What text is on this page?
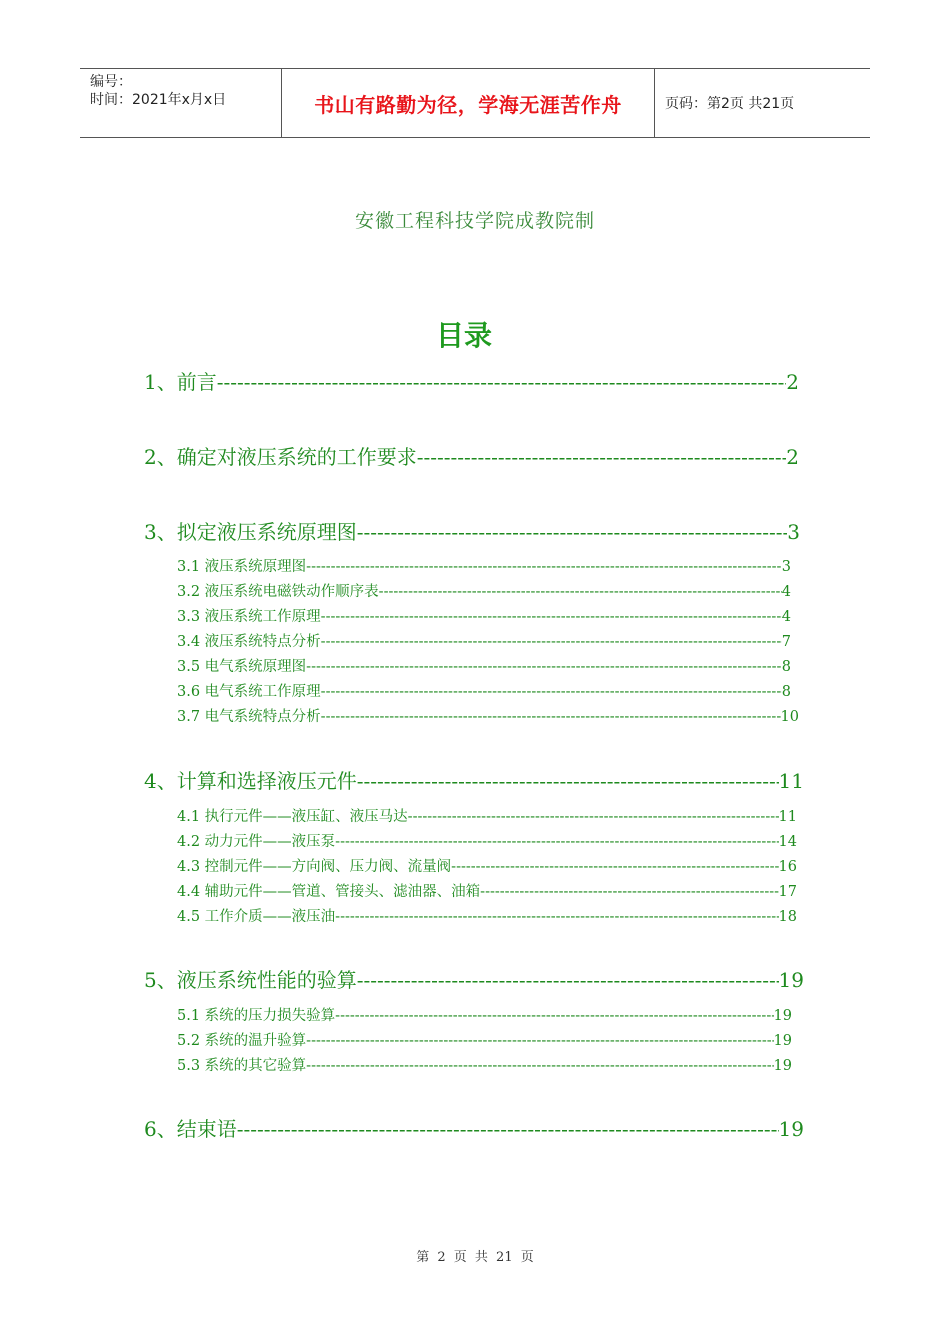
编号：
时间：2021年x月x日	书山有路勤为径，学海无涯苦作舟	页码：第2页 共21页
安徽工程科技学院成教院制
目录
1、前言 -----	2
2、确定对液压系统的工作要求 -----	2
3、拟定液压系统原理图 -----	3
3.1 液压系统原理图 -----	3
3.2 液压系统电磁铁动作顺序表 -----	4
3.3 液压系统工作原理 -----	4
3.4 液压系统特点分析 -----	7
3.5 电气系统原理图 -----	8
3.6 电气系统工作原理 -----	8
3.7 电气系统特点分析 -----	10
4、计算和选择液压元件 -----	11
4.1 执行元件——液压缸、液压马达 -----	11
4.2 动力元件——液压泵 -----	14
4.3 控制元件——方向阀、压力阀、流量阀 -----	16
4.4 辅助元件——管道、管接头、滤油器、油箱 -----	17
4.5 工作介质——液压油 -----	18
5、液压系统性能的验算 -----	19
5.1 系统的压力损失验算 -----	19
5.2 系统的温升验算 -----	19
5.3 系统的其它验算 -----	19
6、结束语 -----	19
第 2 页 共 21 页
